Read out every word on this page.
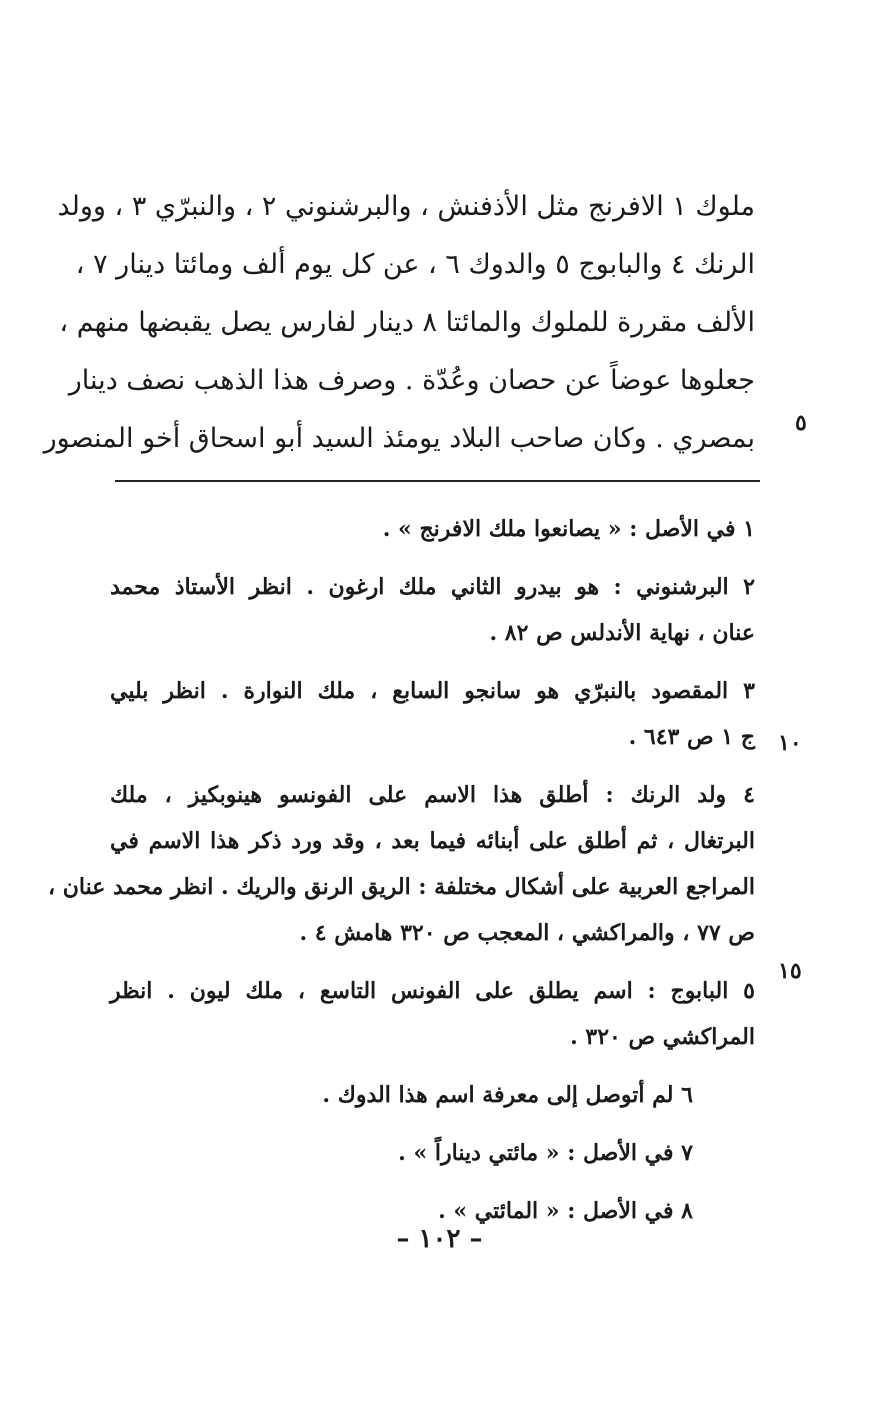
ملوك ١ الافرنج مثل الأذفنش ، والبرشنوني ٢ ، والنبرّي ٣ ، وولد
الرنك ٤ والبابوج ٥ والدوك ٦ ، عن كل يوم ألف ومائتا دينار ٧ ،
الألف مقررة للملوك والمائتا ٨ دينار لفارس يصل يقبضها منهم ،
جعلوها عوضاً عن حصان وعُدّة . وصرف هذا الذهب نصف دينار
بمصري . وكان صاحب البلاد يومئذ السيد أبو اسحاق أخو المنصور ٥
١٠
١٥
١ في الأصل : « يصانعوا ملك الافرنج » .
٢ البرشنوني : هو بيدرو الثاني ملك ارغون . انظر الأستاذ محمد
عنان ، نهاية الأندلس ص ٨٢ .
٣ المقصود بالنبرّي هو سانجو السابع ، ملك النوارة . انظر بليي
ج ١ ص ٦٤٣ .
٤ ولد الرنك : أطلق هذا الاسم على الفونسو هينوبكيز ، ملك
البرتغال ، ثم أطلق على أبنائه فيما بعد ، وقد ورد ذكر هذا الاسم في
المراجع العربية على أشكال مختلفة : الريق الرنق والريك . انظر محمد عنان ،
ص ٧٧ ، والمراكشي ، المعجب ص ٣٢٠ هامش ٤ .
٥ البابوج : اسم يطلق على الفونس التاسع ، ملك ليون . انظر
المراكشي ص ٣٢٠ .
٦ لم أتوصل إلى معرفة اسم هذا الدوك .
٧ في الأصل : « مائتي ديناراً » .
٨ في الأصل : « المائتي » .
– ١٠٢ –
